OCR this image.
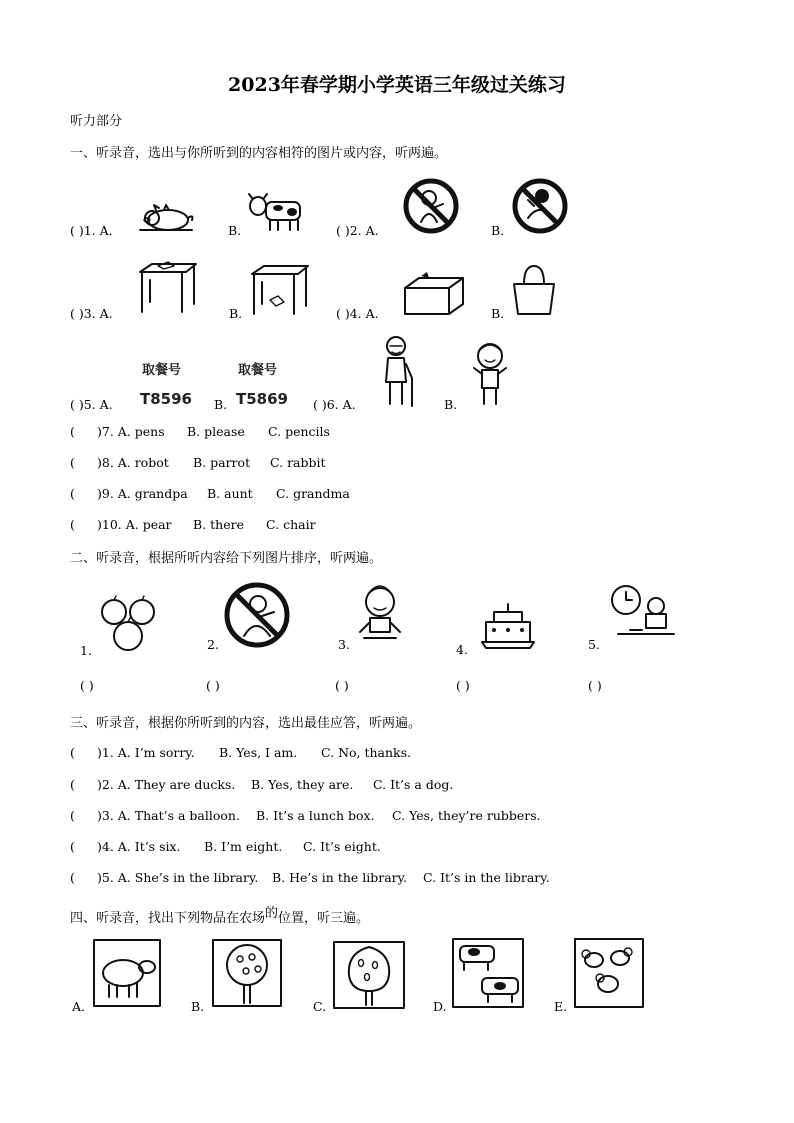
2023年春学期小学英语三年级过关练习
听力部分
一、听录音，选出与你所听到的内容相符的图片或内容，听两遍。
( )1. A.	B.	( )2. A.	B.
( )3. A.	B.	( )4. A.	B.
取餐号
T8596
取餐号
T5869
( )5. A.	B.	( )6. A.	B.
( )7. A. pens B. please C. pencils
( )8. A. robot B. parrot C. rabbit
( )9. A. grandpa B. aunt C. grandma
( )10. A. pear B. there C. chair
二、听录音，根据所听内容给下列图片排序，听两遍。
1.	2.	3.	4.	5.
( )	( )	( )	( )	( )
三、听录音，根据你所听到的内容，选出最佳应答，听两遍。
( )1. A. I’m sorry. B. Yes, I am. C. No, thanks.
( )2. A. They are ducks. B. Yes, they are. C. It’s a dog.
( )3. A. That’s a balloon. B. It’s a lunch box. C. Yes, they’re rubbers.
( )4. A. It’s six. B. I’m eight. C. It’s eight.
( )5. A. She’s in the library. B. He’s in the library. C. It’s in the library.
四、听录音，找出下列物品在农场的位置，听三遍。
A.	B.	C.	D.	E.
